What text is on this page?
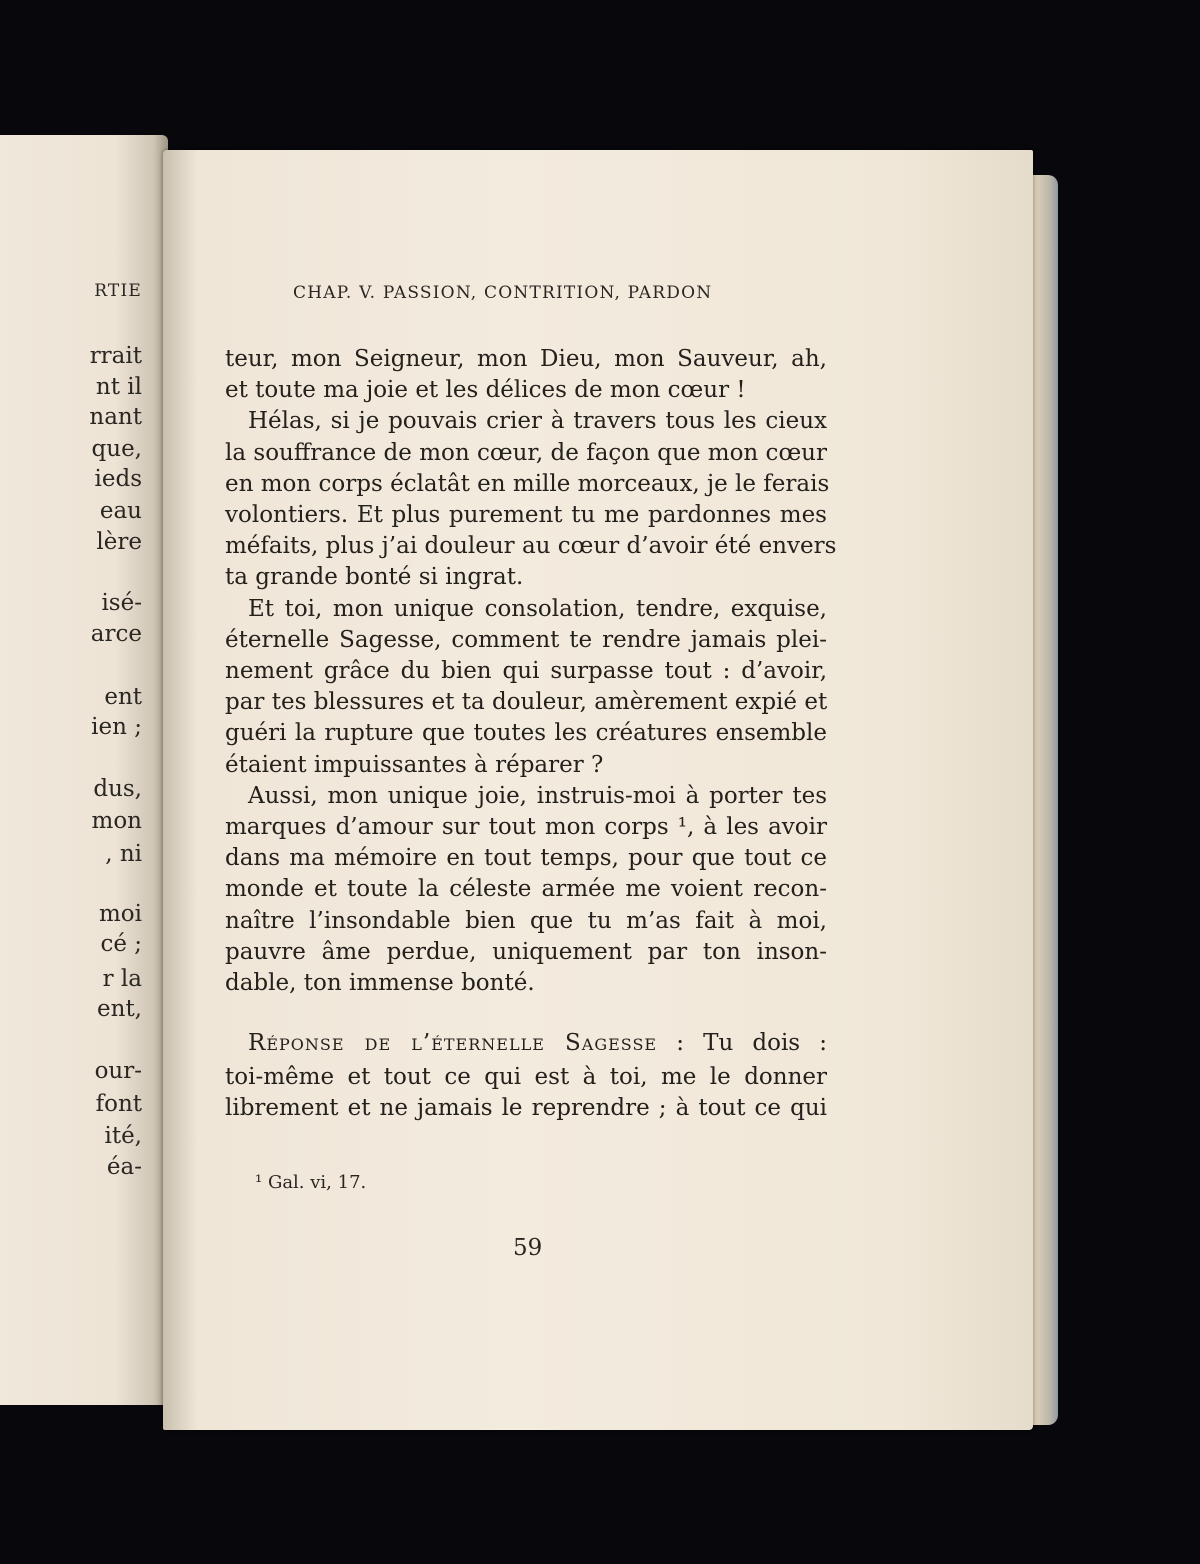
RTIE
rrait
nt il
nant
que,
ieds
eau
lère
isé-
arce
ent
ien ;
dus,
mon
, ni
moi
cé ;
r la
ent,
our-
font
ité,
éa-
CHAP. V. PASSION, CONTRITION, PARDON
teur, mon Seigneur, mon Dieu, mon Sauveur, ah,
et toute ma joie et les délices de mon cœur !
Hélas, si je pouvais crier à travers tous les cieux
la souffrance de mon cœur, de façon que mon cœur
en mon corps éclatât en mille morceaux, je le ferais
volontiers. Et plus purement tu me pardonnes mes
méfaits, plus j’ai douleur au cœur d’avoir été envers
ta grande bonté si ingrat.
Et toi, mon unique consolation, tendre, exquise,
éternelle Sagesse, comment te rendre jamais plei-
nement grâce du bien qui surpasse tout : d’avoir,
par tes blessures et ta douleur, amèrement expié et
guéri la rupture que toutes les créatures ensemble
étaient impuissantes à réparer ?
Aussi, mon unique joie, instruis-moi à porter tes
marques d’amour sur tout mon corps ¹, à les avoir
dans ma mémoire en tout temps, pour que tout ce
monde et toute la céleste armée me voient recon-
naître l’insondable bien que tu m’as fait à moi,
pauvre âme perdue, uniquement par ton inson-
dable, ton immense bonté.
Réponse de l’éternelle Sagesse : Tu dois :
toi-même et tout ce qui est à toi, me le donner
librement et ne jamais le reprendre ; à tout ce qui
¹ Gal. vi, 17.
59
